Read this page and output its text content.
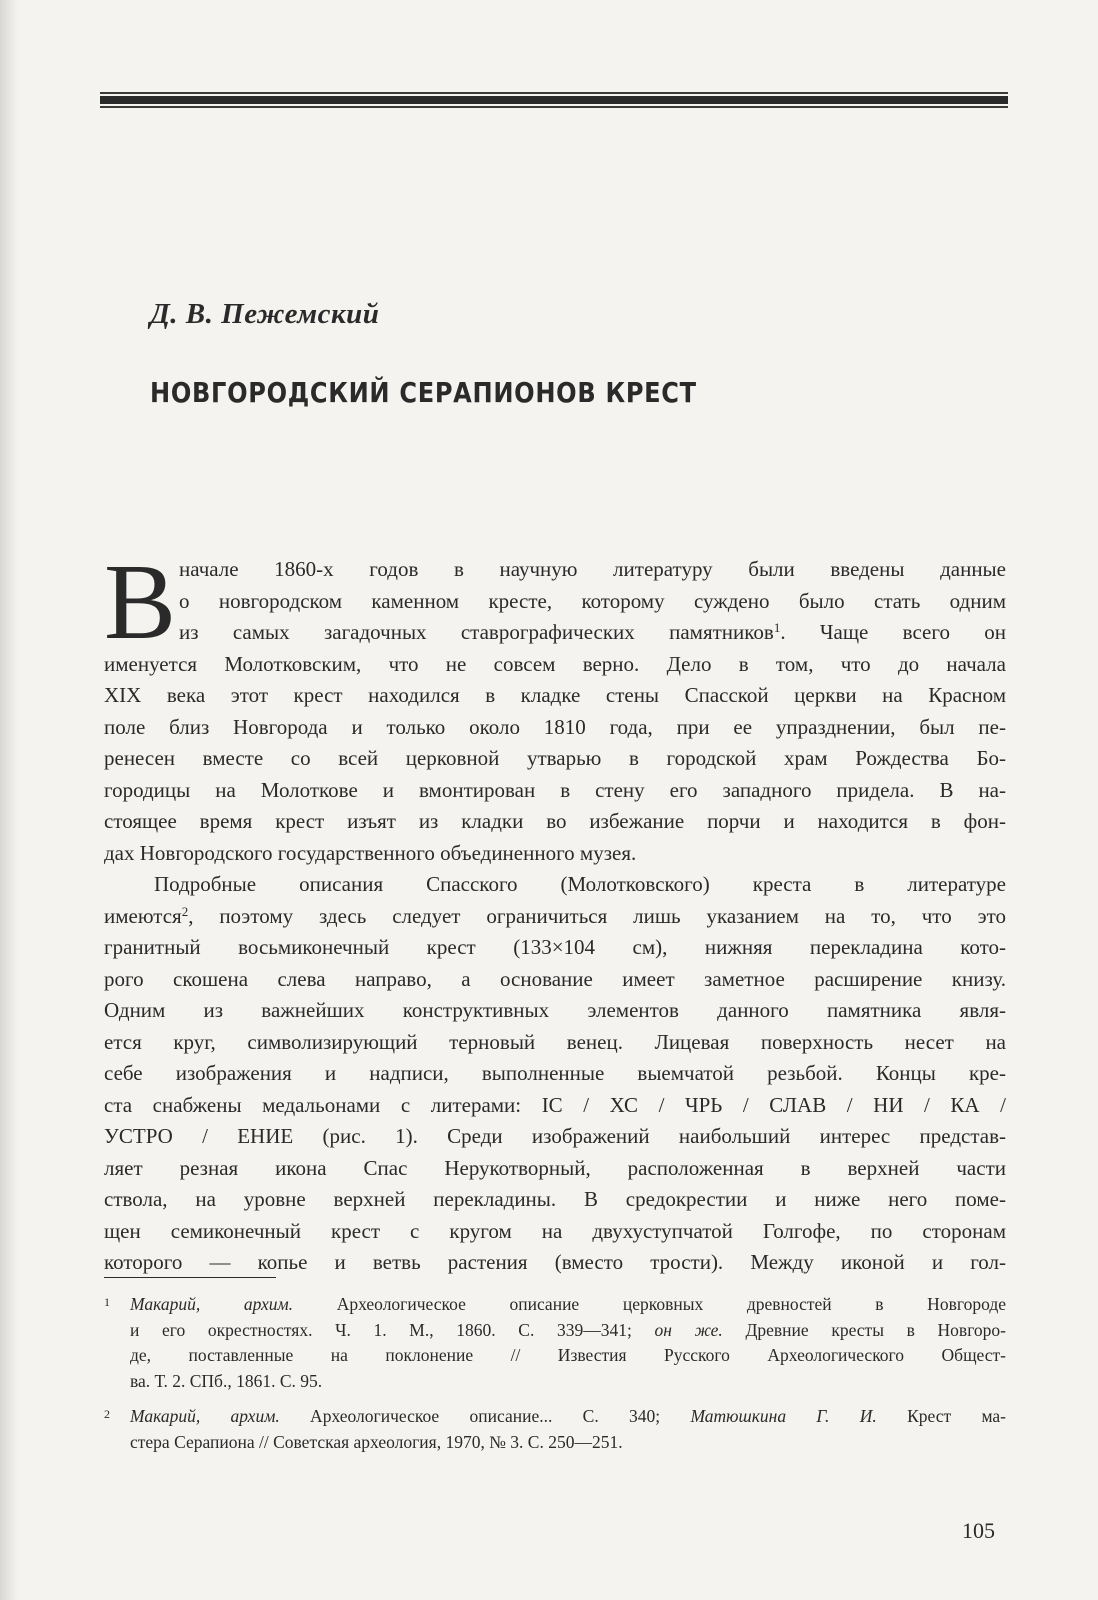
Д. В. Пежемский
НОВГОРОДСКИЙ СЕРАПИОНОВ КРЕСТ
В начале 1860-х годов в научную литературу были введены данные
о новгородском каменном кресте, которому суждено было стать одним
из самых загадочных ставрографических памятников$^1$. Чаще всего он
именуется Молотковским, что не совсем верно. Дело в том, что до начала
XIX века этот крест находился в кладке стены Спасской церкви на Красном
поле близ Новгорода и только около 1810 года, при ее упразднении, был пе-
ренесен вместе со всей церковной утварью в городской храм Рождества Бо-
городицы на Молоткове и вмонтирован в стену его западного придела. В на-
стоящее время крест изъят из кладки во избежание порчи и находится в фон-
дах Новгородского государственного объединенного музея.
Подробные описания Спасского (Молотковского) креста в литературе
имеются$^2$, поэтому здесь следует ограничиться лишь указанием на то, что это
гранитный восьмиконечный крест (133×104 см), нижняя перекладина кото-
рого скошена слева направо, а основание имеет заметное расширение книзу.
Одним из важнейших конструктивных элементов данного памятника явля-
ется круг, символизирующий терновый венец. Лицевая поверхность несет на
себе изображения и надписи, выполненные выемчатой резьбой. Концы кре-
ста снабжены медальонами с литерами: ІС / ХС / ЧРЬ / СЛАВ / НИ / КА /
УСТРО / ЕНИЕ (рис. 1). Среди изображений наибольший интерес представ-
ляет резная икона Спас Нерукотворный, расположенная в верхней части
ствола, на уровне верхней перекладины. В средокрестии и ниже него поме-
щен семиконечный крест с кругом на двухуступчатой Голгофе, по сторонам
которого — копье и ветвь растения (вместо трости). Между иконой и гол-
1 Макарий, архим. Археологическое описание церковных древностей в Новгороде
и его окрестностях. Ч. 1. М., 1860. С. 339—341; он же. Древние кресты в Новгоро-
де, поставленные на поклонение // Известия Русского Археологического Общест-
ва. Т. 2. СПб., 1861. С. 95.
2 Макарий, архим. Археологическое описание... С. 340; Матюшкина Г. И. Крест ма-
стера Серапиона // Советская археология, 1970, № 3. С. 250—251.
105
